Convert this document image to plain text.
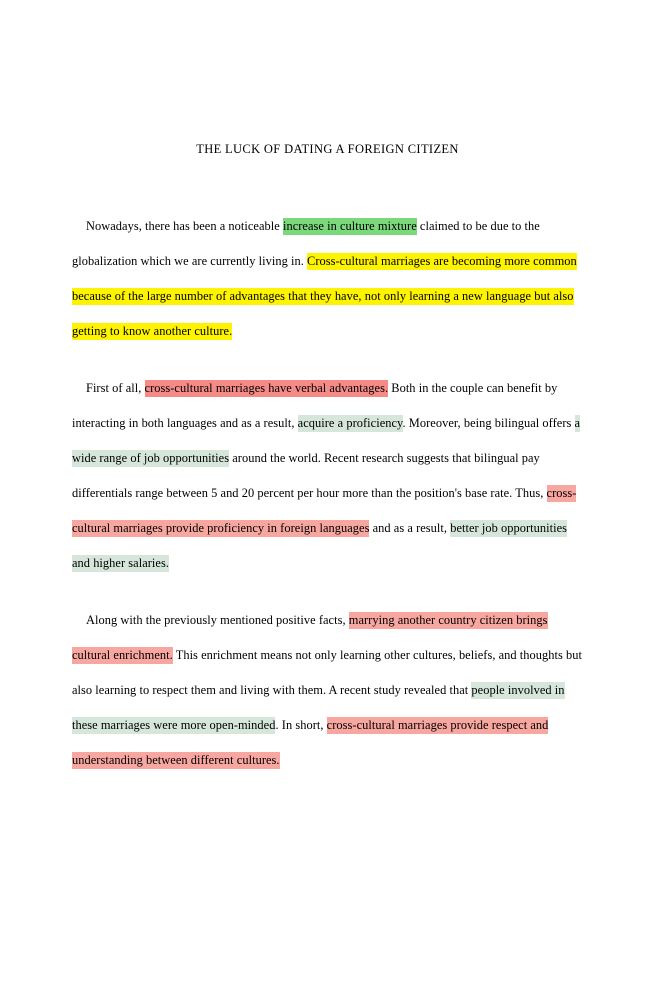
THE LUCK OF DATING A FOREIGN CITIZEN

Nowadays, there has been a noticeable increase in culture mixture claimed to be due to the globalization which we are currently living in. Cross-cultural marriages are becoming more common because of the large number of advantages that they have, not only learning a new language but also getting to know another culture.

First of all, cross-cultural marriages have verbal advantages. Both in the couple can benefit by interacting in both languages and as a result, acquire a proficiency. Moreover, being bilingual offers a wide range of job opportunities around the world. Recent research suggests that bilingual pay differentials range between 5 and 20 percent per hour more than the position's base rate. Thus, cross-cultural marriages provide proficiency in foreign languages and as a result, better job opportunities and higher salaries.

Along with the previously mentioned positive facts, marrying another country citizen brings cultural enrichment. This enrichment means not only learning other cultures, beliefs, and thoughts but also learning to respect them and living with them. A recent study revealed that people involved in these marriages were more open-minded. In short, cross-cultural marriages provide respect and understanding between different cultures.
